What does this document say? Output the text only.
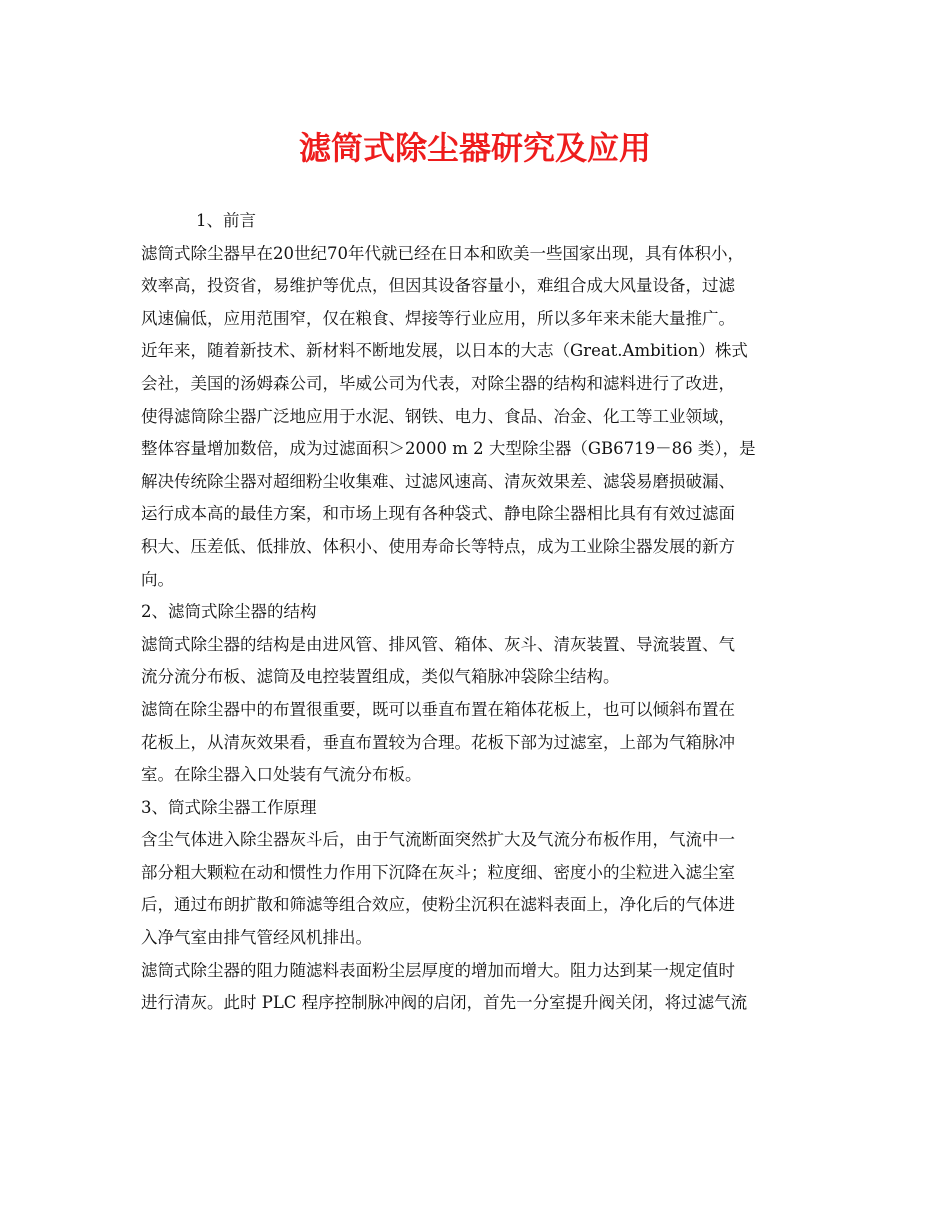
滤筒式除尘器研究及应用

1、前言

滤筒式除尘器早在20世纪70年代就已经在日本和欧美一些国家出现，具有体积小，

效率高，投资省，易维护等优点，但因其设备容量小，难组合成大风量设备，过滤

风速偏低，应用范围窄，仅在粮食、焊接等行业应用，所以多年来未能大量推广。

近年来，随着新技术、新材料不断地发展，以日本的大志（Great.Ambition）株式

会社，美国的汤姆森公司，毕威公司为代表，对除尘器的结构和滤料进行了改进，

使得滤筒除尘器广泛地应用于水泥、钢铁、电力、食品、冶金、化工等工业领域，

整体容量增加数倍，成为过滤面积＞2000 m 2 大型除尘器（GB6719－86 类），是

解决传统除尘器对超细粉尘收集难、过滤风速高、清灰效果差、滤袋易磨损破漏、

运行成本高的最佳方案，和市场上现有各种袋式、静电除尘器相比具有有效过滤面

积大、压差低、低排放、体积小、使用寿命长等特点，成为工业除尘器发展的新方

向。

2、滤筒式除尘器的结构

滤筒式除尘器的结构是由进风管、排风管、箱体、灰斗、清灰装置、导流装置、气

流分流分布板、滤筒及电控装置组成，类似气箱脉冲袋除尘结构。

滤筒在除尘器中的布置很重要，既可以垂直布置在箱体花板上，也可以倾斜布置在

花板上，从清灰效果看，垂直布置较为合理。花板下部为过滤室，上部为气箱脉冲

室。在除尘器入口处装有气流分布板。

3、筒式除尘器工作原理

含尘气体进入除尘器灰斗后，由于气流断面突然扩大及气流分布板作用，气流中一

部分粗大颗粒在动和惯性力作用下沉降在灰斗；粒度细、密度小的尘粒进入滤尘室

后，通过布朗扩散和筛滤等组合效应，使粉尘沉积在滤料表面上，净化后的气体进

入净气室由排气管经风机排出。

滤筒式除尘器的阻力随滤料表面粉尘层厚度的增加而增大。阻力达到某一规定值时

进行清灰。此时 PLC 程序控制脉冲阀的启闭，首先一分室提升阀关闭，将过滤气流
